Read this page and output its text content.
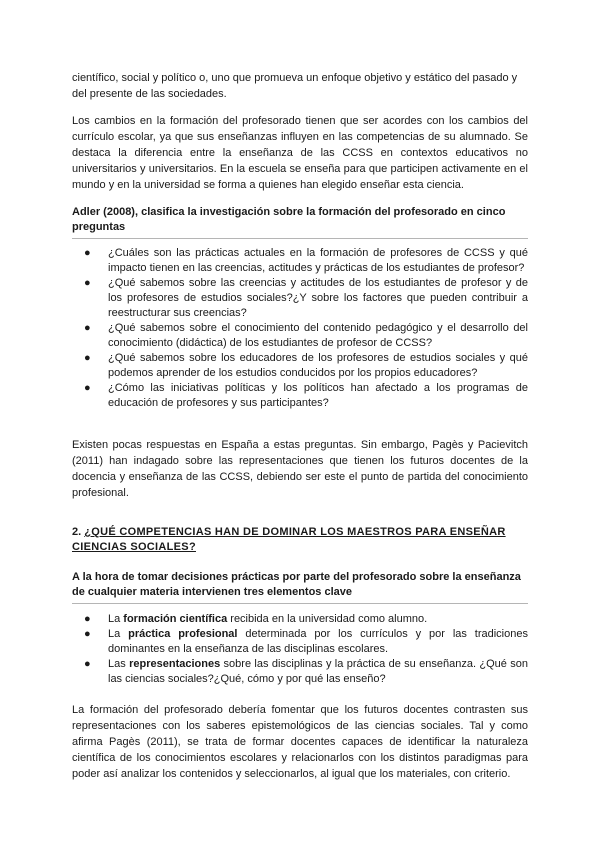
científico, social y político o, uno que promueva un enfoque objetivo y estático del pasado y del presente de las sociedades.

Los cambios en la formación del profesorado tienen que ser acordes con los cambios del currículo escolar, ya que sus enseñanzas influyen en las competencias de su alumnado. Se destaca la diferencia entre la enseñanza de las CCSS en contextos educativos no universitarios y universitarios. En la escuela se enseña para que participen activamente en el mundo y en la universidad se forma a quienes han elegido enseñar esta ciencia.

Adler (2008), clasifica la investigación sobre la formación del profesorado en cinco preguntas

● ¿Cuáles son las prácticas actuales en la formación de profesores de CCSS y qué impacto tienen en las creencias, actitudes y prácticas de los estudiantes de profesor?
● ¿Qué sabemos sobre las creencias y actitudes de los estudiantes de profesor y de los profesores de estudios sociales?¿Y sobre los factores que pueden contribuir a reestructurar sus creencias?
● ¿Qué sabemos sobre el conocimiento del contenido pedagógico y el desarrollo del conocimiento (didáctica) de los estudiantes de profesor de CCSS?
● ¿Qué sabemos sobre los educadores de los profesores de estudios sociales y qué podemos aprender de los estudios conducidos por los propios educadores?
● ¿Cómo las iniciativas políticas y los políticos han afectado a los programas de educación de profesores y sus participantes?

Existen pocas respuestas en España a estas preguntas. Sin embargo, Pagès y Pacievitch (2011) han indagado sobre las representaciones que tienen los futuros docentes de la docencia y enseñanza de las CCSS, debiendo ser este el punto de partida del conocimiento profesional.

2. ¿QUÉ COMPETENCIAS HAN DE DOMINAR LOS MAESTROS PARA ENSEÑAR CIENCIAS SOCIALES?

A la hora de tomar decisiones prácticas por parte del profesorado sobre la enseñanza de cualquier materia intervienen tres elementos clave

● La formación científica recibida en la universidad como alumno.
● La práctica profesional determinada por los currículos y por las tradiciones dominantes en la enseñanza de las disciplinas escolares.
● Las representaciones sobre las disciplinas y la práctica de su enseñanza. ¿Qué son las ciencias sociales?¿Qué, cómo y por qué las enseño?

La formación del profesorado debería fomentar que los futuros docentes contrasten sus representaciones con los saberes epistemológicos de las ciencias sociales. Tal y como afirma Pagès (2011), se trata de formar docentes capaces de identificar la naturaleza científica de los conocimientos escolares y relacionarlos con los distintos paradigmas para poder así analizar los contenidos y seleccionarlos, al igual que los materiales, con criterio.
